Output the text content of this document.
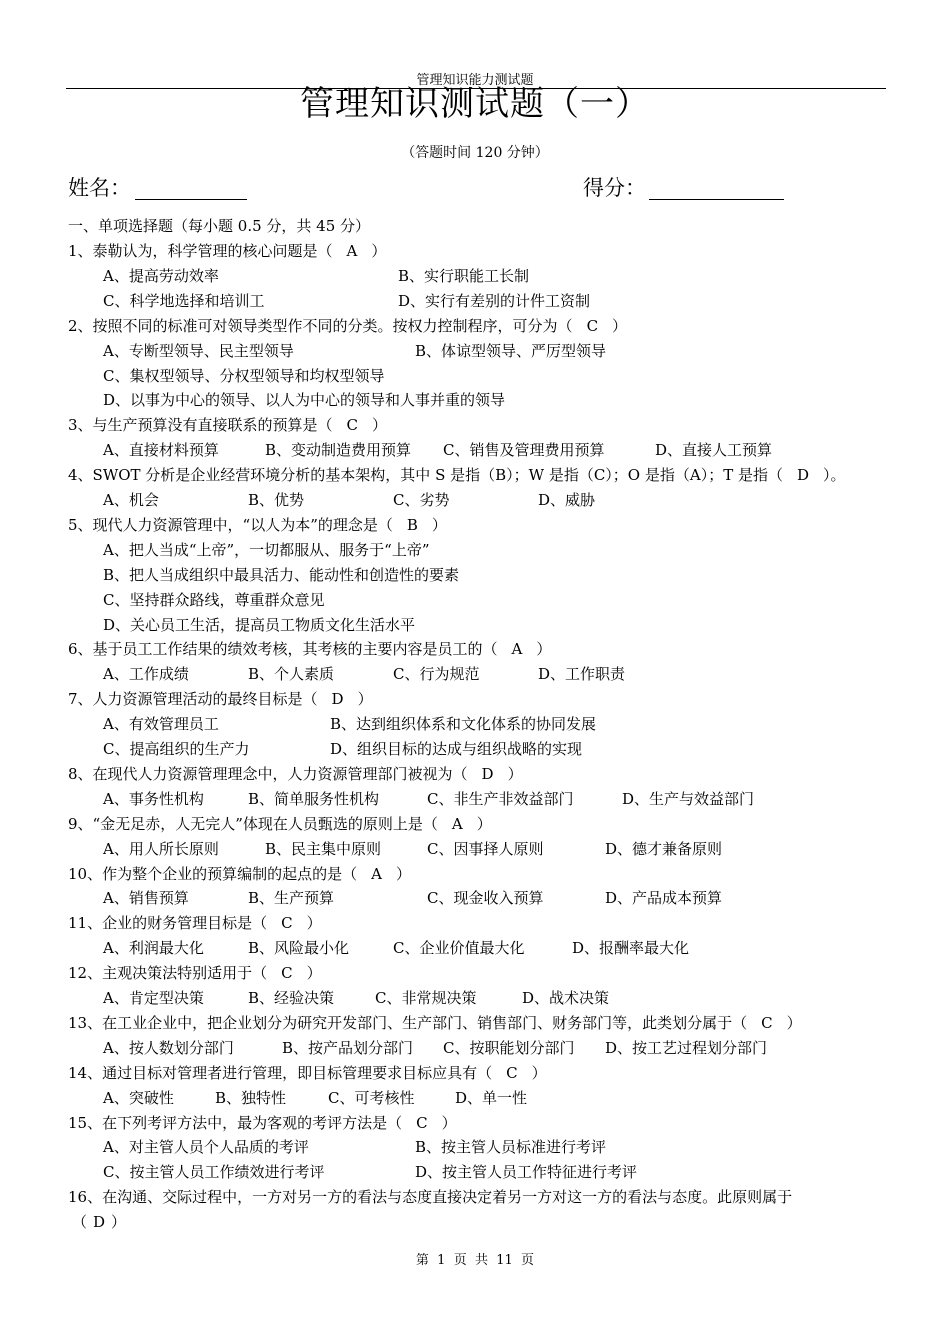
管理知识能力测试题
管理知识测试题（一）
（答题时间 120 分钟）
姓名：	得分：
一、单项选择题（每小题 0.5 分，共 45 分）
1、泰勒认为，科学管理的核心问题是（ A ）
A、提高劳动效率	B、实行职能工长制
C、科学地选择和培训工	D、实行有差别的计件工资制
2、按照不同的标准可对领导类型作不同的分类。按权力控制程序，可分为（ C ）
A、专断型领导、民主型领导	B、体谅型领导、严厉型领导
C、集权型领导、分权型领导和均权型领导
D、以事为中心的领导、以人为中心的领导和人事并重的领导
3、与生产预算没有直接联系的预算是（ C ）
A、直接材料预算	B、变动制造费用预算 C、销售及管理费用预算	D、直接人工预算
4、SWOT 分析是企业经营环境分析的基本架构，其中 S 是指（B）；W 是指（C）；O 是指（A）；T 是指（ D ）。
A、机会	B、优势	C、劣势	D、威胁
5、现代人力资源管理中，“以人为本”的理念是（ B ）
A、把人当成“上帝”，一切都服从、服务于“上帝”
B、把人当成组织中最具活力、能动性和创造性的要素
C、坚持群众路线，尊重群众意见
D、关心员工生活，提高员工物质文化生活水平
6、基于员工工作结果的绩效考核，其考核的主要内容是员工的（ A ）
A、工作成绩	B、个人素质	C、行为规范	D、工作职责
7、人力资源管理活动的最终目标是（ D ）
A、有效管理员工	B、达到组织体系和文化体系的协同发展
C、提高组织的生产力	D、组织目标的达成与组织战略的实现
8、在现代人力资源管理理念中，人力资源管理部门被视为（ D ）
A、事务性机构	B、简单服务性机构	C、非生产非效益部门	D、生产与效益部门
9、“金无足赤，人无完人”体现在人员甄选的原则上是（ A ）
A、用人所长原则	B、民主集中原则	C、因事择人原则	D、德才兼备原则
10、作为整个企业的预算编制的起点的是（ A ）
A、销售预算	B、生产预算	C、现金收入预算	D、产品成本预算
11、企业的财务管理目标是（ C ）
A、利润最大化	B、风险最小化	C、企业价值最大化	D、报酬率最大化
12、主观决策法特别适用于（ C ）
A、肯定型决策	B、经验决策	C、非常规决策	D、战术决策
13、在工业企业中，把企业划分为研究开发部门、生产部门、销售部门、财务部门等，此类划分属于（ C ）
A、按人数划分部门	B、按产品划分部门 C、按职能划分部门 D、按工艺过程划分部门
14、通过目标对管理者进行管理，即目标管理要求目标应具有（ C ）
A、突破性	B、独特性	C、可考核性	D、单一性
15、在下列考评方法中，最为客观的考评方法是（ C ）
A、对主管人员个人品质的考评	B、按主管人员标准进行考评
C、按主管人员工作绩效进行考评	D、按主管人员工作特征进行考评
16、在沟通、交际过程中，一方对另一方的看法与态度直接决定着另一方对这一方的看法与态度。此原则属于
（ D ）
第  1  页  共  11  页
